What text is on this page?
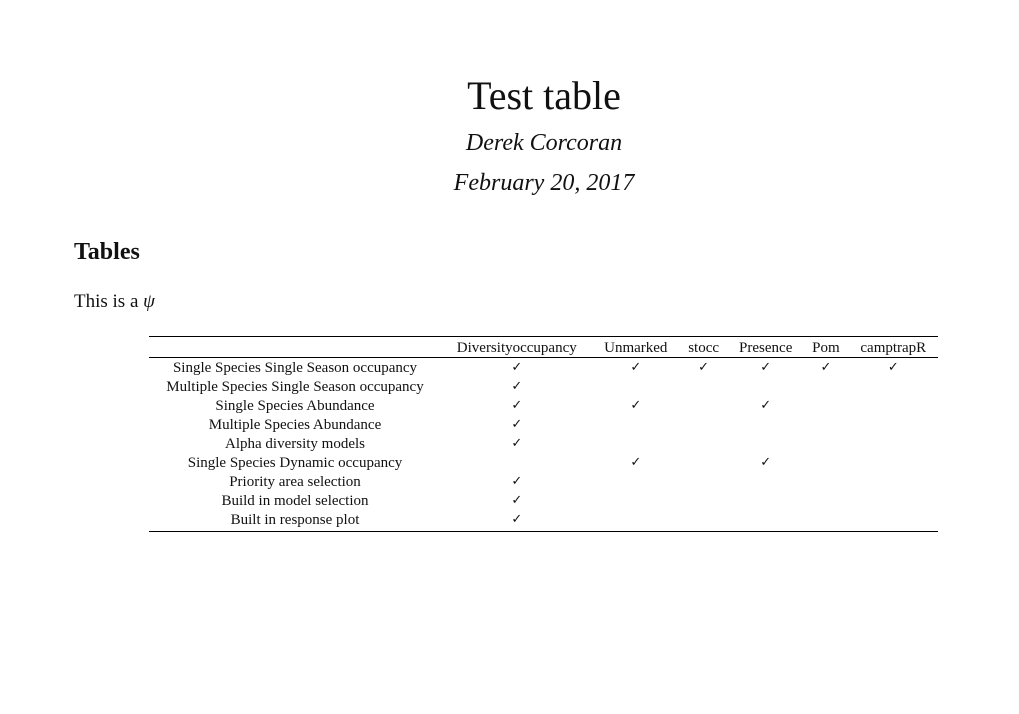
Test table
Derek Corcoran
February 20, 2017
Tables
This is a ψ
	Diversityoccupancy	Unmarked	stocc	Presence	Pom	camptrapR
Single Species Single Season occupancy	✓	✓	✓	✓	✓	✓
Multiple Species Single Season occupancy	✓					
Single Species Abundance	✓	✓		✓		
Multiple Species Abundance	✓					
Alpha diversity models	✓					
Single Species Dynamic occupancy		✓		✓		
Priority area selection	✓					
Build in model selection	✓					
Built in response plot	✓					
